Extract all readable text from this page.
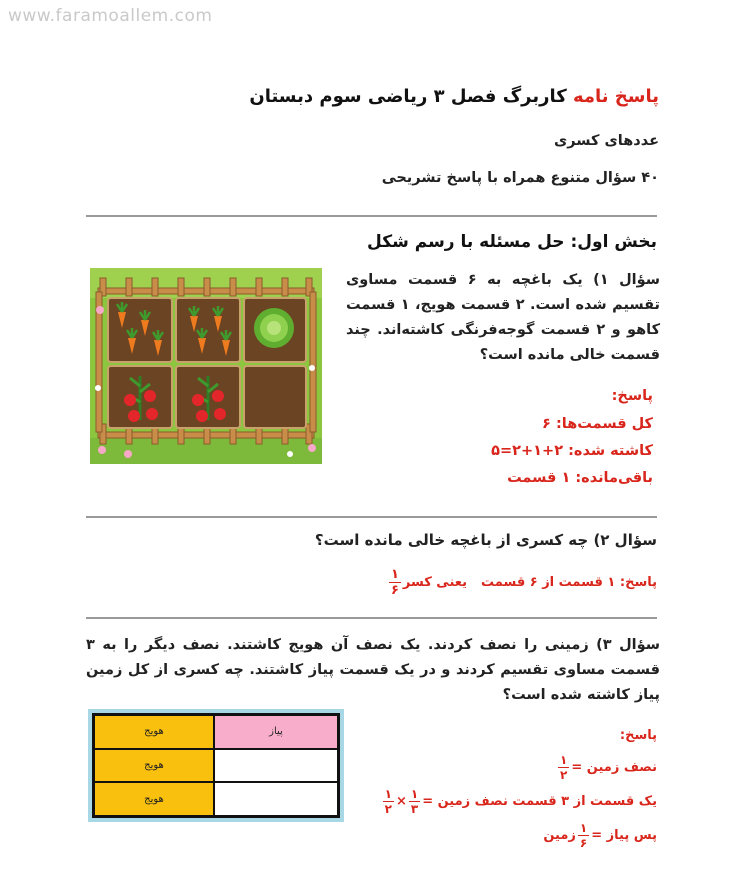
www.faramoallem.com
پاسخ نامه کاربرگ فصل ۳ ریاضی سوم دبستان
عددهای کسری
۴۰ سؤال متنوع همراه با پاسخ تشریحی
بخش اول: حل مسئله با رسم شکل
سؤال ۱) یک باغچه به ۶ قسمت مساوی تقسیم شده است. ۲ قسمت هویج، ۱ قسمت کاهو و ۲ قسمت گوجه‌فرنگی کاشته‌اند. چند قسمت خالی مانده است؟
پاسخ:
کل قسمت‌ها: ۶
کاشته شده: ۲+۱+۲=۵
باقی‌مانده: ۱ قسمت
سؤال ۲) چه کسری از باغچه خالی مانده است؟
پاسخ: ۱ قسمت از ۶ قسمت
یعنی کسر
$\frac{۱}{۶}$
سؤال ۳) زمینی را نصف کردند. یک نصف آن هویج کاشتند. نصف دیگر را به ۳ قسمت مساوی تقسیم کردند و در یک قسمت پیاز کاشتند. چه کسری از کل زمین پیاز کاشته شده است؟
هویج	پیاز
هویج
هویج
پاسخ:
نصف زمین =
$\frac{۱}{۲}$
یک قسمت از ۳ قسمت نصف زمین =
$\frac{۱}{۳}$
×
$\frac{۱}{۲}$
پس پیاز =
$\frac{۱}{۶}$
زمین
